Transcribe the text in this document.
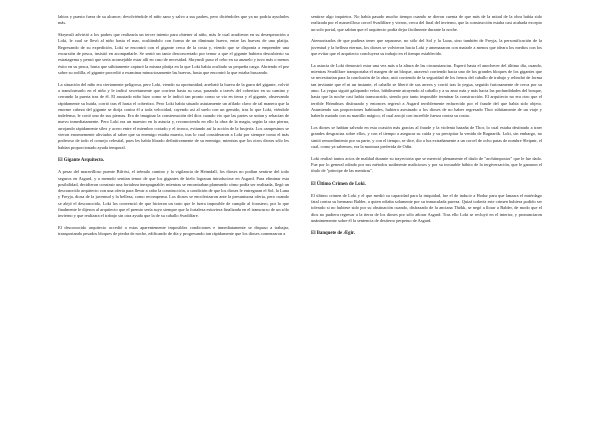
labios y puesto fuera de su alcance; devolviéndole el niño sano y salvo a sus padres, pero diciéndoles que ya no podría ayudarles más.

Skrymsli advirtió a los padres que realizaría un tercer intento para obtener al niño, más le cual acudieron en su desesperación a Loki, le cual se llevó al niño hasta el mar, ocultándolo con forma de un diminuto huevo, entre las huevas de una platija. Regresando de su expedición, Loki se encontró con el gigante cerca de la costa y, viendo que se disponía a emprender una excursión de pesca, insistió en acompañarle. Se sentó un tanto desconcertado por temor a que el gigante hubiera descubierto su estratagema y pensó que sería aconsejable estar allí en caso de necesidad. Skrymsli puso el cebo en su anzuelo y tuvo más o menos éxito en su pesca, hasta que súbitamente capturó la misma platija en la que Loki había ocultado su pequeña carga. Abriendo el pez sobre su rodilla, el gigante procedió a examinar minuciosamente las huevas, hasta que encontró la que estaba buscando.

La situación del niño era ciertamente peligrosa, pero Loki, viendo su oportunidad, arrebató la hueva de la garra del gigante, volvió a transformarlo en el niño y le indicó secretamente que corriera hasta su casa, pasando a través del cobertizo en su camino y cerrando la puerta tras de él. El asustado niño hizo como se le indicó tan pronto como se vio en tierra y el gigante, observando rápidamente su huida, corrió tras él hasta el cobertizo. Pero Loki había situado astutamente un afilado clavo de tal manera que la enorme cabeza del gigante se dirija contra él a toda velocidad, cayendo así al suelo con un gemido, tras lo que Loki, viéndole indefenso, le cortó uno de sus piernas. Era de imaginar la consternación del dios cuando vio que las partes se unían y rehacían de nuevo inmediatamente. Pero Loki era un maestro en la astucia y, reconociendo en ello la obra de la magia, según la otra pierna, arrojando rápidamente sílex y acero entre el miembro cortado y el tronco, evitando así la acción de la brujería. Los campesinos se vieron enormemente aliviados al saber que su enemigo estaba muerto, tras lo cual consideraron a Loki por siempre como el más poderoso de todo el consejo celestial, pues les había librado definitivamente de su enemigo, mientras que los otros dioses sólo les habían proporcionado ayuda temporal.

El Gigante Arquitecto.

A pesar del maravilloso puente Bifröst, el trémulo camino y la vigilancia de Heimdall, los dioses no podían sentirse del todo seguros en Asgard, y a menudo sentían temor de que los gigantes de hielo lograran introducirse en Asgard. Para eliminar esta posibilidad, decidieron construir una fortaleza inexpugnable; mientras se encontraban planeando cómo podía ser realizada, llegó un desconocido arquitecto con una oferta para llevar a cabo la construcción, a condición de que los dioses le entregaran el Sol, la Luna y Freyja, diosa de la juventud y la belleza, como recompensa. Los dioses se encolerizaron ante la presuntuosa oferta, pero cuando se alejó el desconocido, Loki los convenció de que hicieran un trato que le fuera imposible de cumplir al forastero, por lo que finalmente le dijeron al arquitecto que el premio sería suyo siempre que la fortaleza estuviera finalizada en el transcurso de un sólo invierno y que realizara el trabajo sin otra ayuda que la de su caballo Svadilfare.

El desconocido arquitecto accedió a estas aparentemente imposibles condiciones e inmediatamente se dispuso a trabajar, transportando pesados bloques de piedra de noche, edificando de día y progresando tan rápidamente que los dioses comenzaron a

sentirse algo inquietos. No había pasado mucho tiempo cuando se dieron cuenta de que más de la mitad de la obra había sido realizada por el maravilloso corcel Svadilfare y vieron, cerca del final del invierno, que la construcción estaba casi acabada excepto un solo portal, que sabían que el arquitecto podía dejar fácilmente durante la noche.

Atemorizados de que pudiera tener que separarse, no sólo del Sol y la Luna, sino también de Freyja, la personificación de la juventud y la belleza eternas, los dioses se volvieron hacia Loki y amenazaron con matarle a menos que ideara los medios con los que evitar que el arquitecto concluyera su trabajo en el tiempo establecido.

La astucia de Loki demostró estar una vez más a la altura de las circunstancias. Esperó hasta el anochecer del último día, cuando, mientras Svadilfare transportaba el margen de un bloque, atravesó corriendo hacia uno de los grandes bloques de los gigantes que se necesitarían para la conclusión de la obra, asió corriendo de la seguridad de los frenos del caballo de trabajo y relinchó de forma tan invitante que el ni un instante, el caballo se liberó de sus arreos y corrió tras la yegua, seguido furiosamente de cerca por su amo. La yegua siguió galopando veloz, hábilmente atrayendo al caballo y a su amo más y más hacia las profundidades del bosque, hasta que la noche casi había transcurrido, siendo por tanto imposible terminar la construcción. El arquitecto no era otro que el terrible Hrimthurs disfrazado y entonces regresó a Asgard terriblemente enfurecido por el fraude del que había sido objeto. Asumiendo sus proporciones habituales, hubiera asesinado a los dioses de no haber regresado Thor súbitamente de un viaje y haberlo matado con su martillo mágico, el cual arrojó con increíble fuerza contra su rostro.

Los dioses se habían salvado en esta ocasión más gracias al fraude y la violenta hazaña de Thor, lo cual estaba destinado a traer grandes desgracias sobre ellos, y con el tiempo a asegurar su caída y su precipitar la venida de Ragnarök. Loki, sin embargo, no sintió remordimiento por su parte, y con el tiempo, se dice, dio a luz extrañamente a un corcel de ocho patas de nombre Sleipnir, el cual, como ya sabemos, era la montura preferida de Odín.

Loki realizó tantos actos de maldad durante su trayectoria que se mereció plenamente el título de "archiimpostor" que le fue dado. Fue por lo general odiado por sus métodos sutilmente maliciosos y por su incurable hábito de la tergiversación, que le ganaron el título de "príncipe de las mentiras".

El Último Crimen de Loki.

El último crimen de Loki y el que medió su capacidad para la iniquidad, fue el de inducir a Hodur para que lanzara el muérdago fatal contra su hermano Balder, a quien odiaba solamente por su inmaculada pureza. Quizá todavía este crimen hubiera podido ser tolerado si no hubiese sido por su obstinación cuando, disfrazado de la anciana Thökk, se negó a llorar a Balder, de modo que el dios no pudiera regresar a la tierra de los dioses por sólo añorar Asgard. Tras ello Loki se recluyó en el interior, y pronunciaron unánimemente sobre él la sentencia de destierro perpetuo de Asgard.

El Banquete de Ægir.
